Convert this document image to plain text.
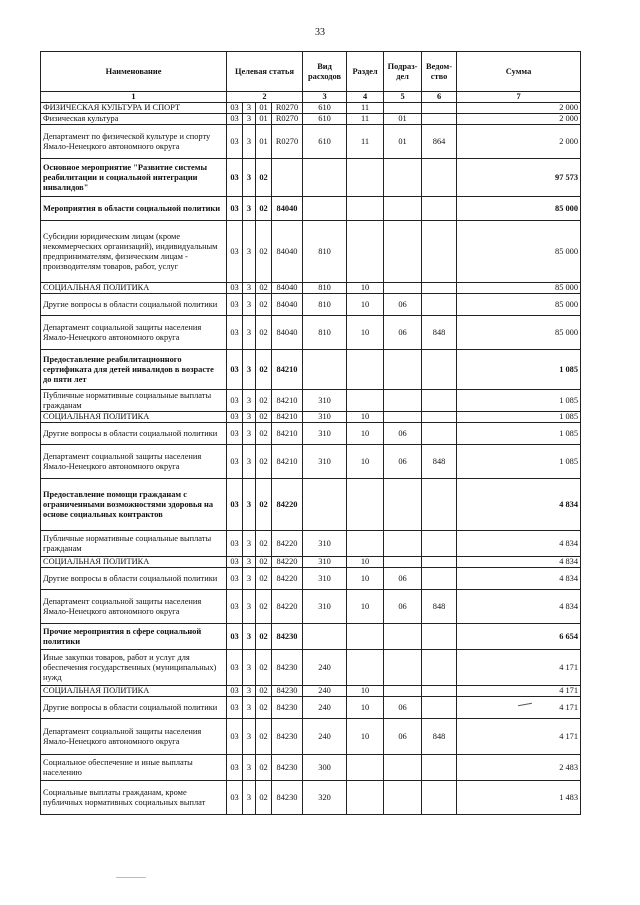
33
Наименование	Целевая статья				Вид расходов	Раздел	Подраз-дел	Ведом-ство	Сумма
1	2				3	4	5	6	7
ФИЗИЧЕСКАЯ КУЛЬТУРА И СПОРТ	03	3	01	R0270	610	11			2 000
Физическая культура	03	3	01	R0270	610	11	01		2 000
Департамент по физической культуре и спорту Ямало-Ненецкого автономного округа	03	3	01	R0270	610	11	01	864	2 000
Основное мероприятие "Развитие системы реабилитации и социальной интеграции инвалидов"	03	3	02						97 573
Мероприятия в области социальной политики	03	3	02	84040					85 000
Субсидии юридическим лицам (кроме некоммерческих организаций), индивидуальным предпринимателям, физическим лицам - производителям товаров, работ, услуг	03	3	02	84040	810				85 000
СОЦИАЛЬНАЯ ПОЛИТИКА	03	3	02	84040	810	10			85 000
Другие вопросы в области социальной политики	03	3	02	84040	810	10	06		85 000
Департамент социальной защиты населения Ямало-Ненецкого автономного округа	03	3	02	84040	810	10	06	848	85 000
Предоставление реабилитационного сертификата для детей инвалидов в возрасте до пяти лет	03	3	02	84210					1 085
Публичные нормативные социальные выплаты гражданам	03	3	02	84210	310				1 085
СОЦИАЛЬНАЯ ПОЛИТИКА	03	3	02	84210	310	10			1 085
Другие вопросы в области социальной политики	03	3	02	84210	310	10	06		1 085
Департамент социальной защиты населения Ямало-Ненецкого автономного округа	03	3	02	84210	310	10	06	848	1 085
Предоставление помощи гражданам с ограниченными возможностями здоровья на основе социальных контрактов	03	3	02	84220					4 834
Публичные нормативные социальные выплаты гражданам	03	3	02	84220	310				4 834
СОЦИАЛЬНАЯ ПОЛИТИКА	03	3	02	84220	310	10			4 834
Другие вопросы в области социальной политики	03	3	02	84220	310	10	06		4 834
Департамент социальной защиты населения Ямало-Ненецкого автономного округа	03	3	02	84220	310	10	06	848	4 834
Прочие мероприятия в сфере социальной политики	03	3	02	84230					6 654
Иные закупки товаров, работ и услуг для обеспечения государственных (муниципальных) нужд	03	3	02	84230	240				4 171
СОЦИАЛЬНАЯ ПОЛИТИКА	03	3	02	84230	240	10			4 171
Другие вопросы в области социальной политики	03	3	02	84230	240	10	06		4 171
Департамент социальной защиты населения Ямало-Ненецкого автономного округа	03	3	02	84230	240	10	06	848	4 171
Социальное обеспечение и иные выплаты населению	03	3	02	84230	300				2 483
Социальные выплаты гражданам, кроме публичных нормативных социальных выплат	03	3	02	84230	320				1 483
